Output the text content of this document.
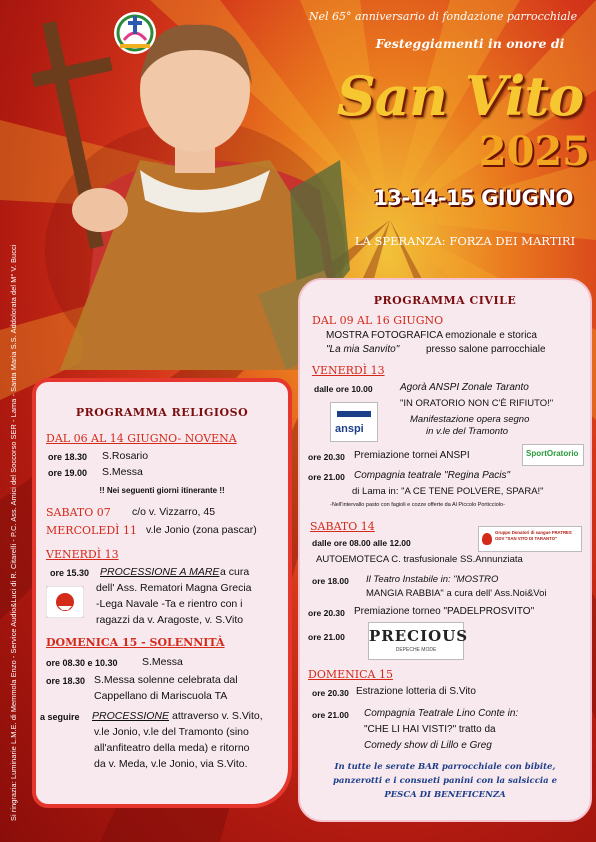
Si ringrazia: Luminarie L.M.E. di Memmola Enzo - Service Audio&Luci di R. Citarelli - P.C. Ass. Amici del Soccorso SER - Lama - Santa Maria S.S. Addolorata del M° V. Bucci
Nel 65° anniversario di fondazione parrocchiale
Festeggiamenti in onore di
San Vito
2025
13-14-15 GIUGNO
LA SPERANZA: FORZA DEI MARTIRI
PROGRAMMA RELIGIOSO
DAL 06 AL 14 GIUGNO- NOVENA
ore 18.30 S.Rosario
ore 19.00 S.Messa
!! Nei seguenti giorni itinerante !!
SABATO 07 c/o v. Vizzarro, 45
MERCOLEDÌ 11 v.le Jonio (zona pascar)
VENERDÌ 13
ore 15.30 PROCESSIONE A MARE a cura
dell' Ass. Rematori Magna Grecia
-Lega Navale -Ta e rientro con i
ragazzi da v. Aragoste, v. S.Vito
DOMENICA 15 - SOLENNITÀ
ore 08.30 e 10.30 S.Messa
ore 18.30 S.Messa solenne celebrata dal
Cappellano di Mariscuola TA
a seguire PROCESSIONE attraverso v. S.Vito,
v.le Jonio, v.le del Tramonto (sino
all'anfiteatro della meda) e ritorno
da v. Meda, v.le Jonio, via S.Vito.
PROGRAMMA CIVILE
DAL 09 AL 16 GIUGNO
MOSTRA FOTOGRAFICA emozionale e storica
"La mia Sanvito"	presso salone parrocchiale
VENERDÌ 13
dalle ore 10.00	Agorà ANSPI Zonale Taranto
"IN ORATORIO NON C'È RIFIUTO!"
Manifestazione opera segno
in v.le del Tramonto
anspi
ore 20.30 Premiazione tornei ANSPI	SportOratorio
ore 21.00 Compagnia teatrale "Regina Pacis"
di Lama in: "A CE TENE POLVERE, SPARA!"
-Nell'intervallo pasto con fagioli e cozze offerte da Al Piccolo Porticciolo-
SABATO 14
dalle ore 08.00 alle 12.00
AUTOEMOTECA C. trasfusionale SS.Annunziata
Gruppo Donatori di sangue FRATRES ODV "SAN VITO DI TARANTO"
ore 18.00 Il Teatro Instabile in: "MOSTRO
MANGIA RABBIA" a cura dell' Ass.Noi&Voi
ore 20.30 Premiazione torneo "PADELPROSVITO"
ore 21.00 PRECIOUS
DEPECHE MODE
DOMENICA 15
ore 20.30 Estrazione lotteria di S.Vito
ore 21.00 Compagnia Teatrale Lino Conte in:
"CHE LI HAI VISTI?" tratto da
Comedy show di Lillo e Greg
In tutte le serate BAR parrocchiale con bibite,
panzerotti e i consueti panini con la salsiccia e
PESCA DI BENEFICENZA
